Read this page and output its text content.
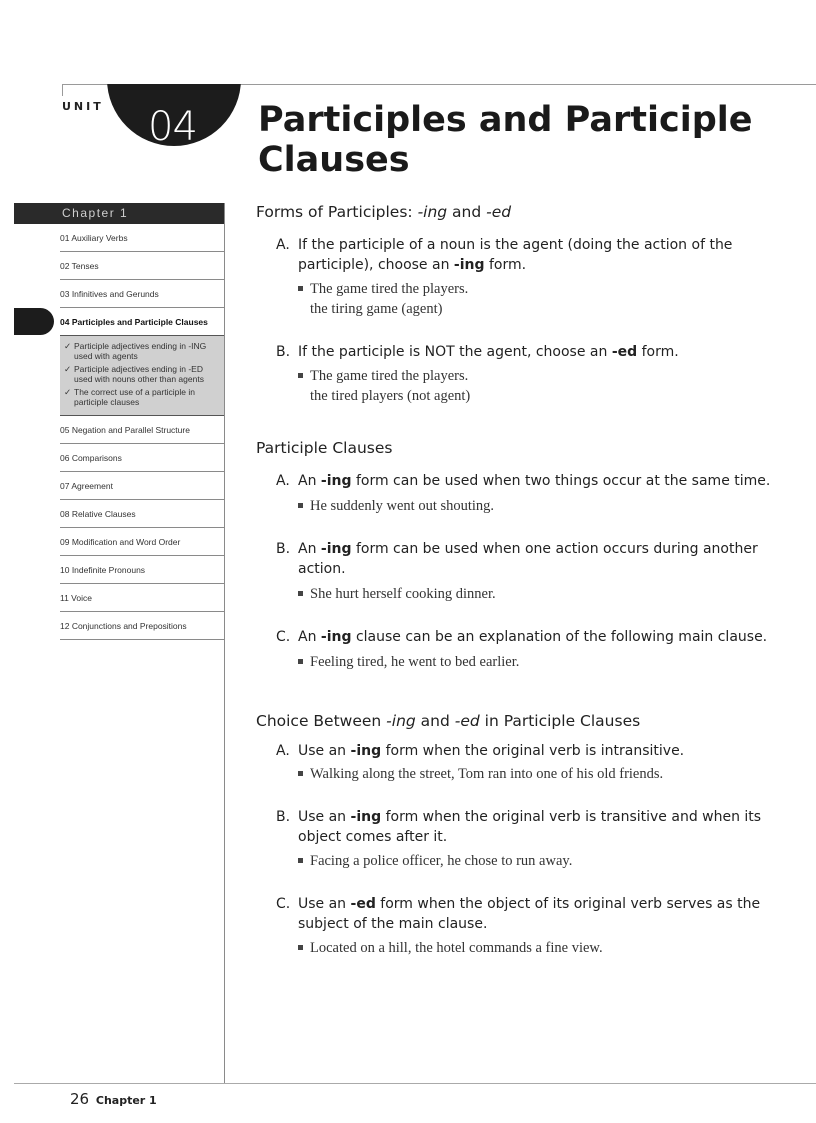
UNIT 04 Participles and Participle Clauses
Chapter 1
01 Auxiliary Verbs
02 Tenses
03 Infinitives and Gerunds
04 Participles and Participle Clauses
✓ Participle adjectives ending in -ING used with agents
✓ Participle adjectives ending in -ED used with nouns other than agents
✓ The correct use of a participle in participle clauses
05 Negation and Parallel Structure
06 Comparisons
07 Agreement
08 Relative Clauses
09 Modification and Word Order
10 Indefinite Pronouns
11 Voice
12 Conjunctions and Prepositions
Forms of Participles: -ing and -ed
A. If the participle of a noun is the agent (doing the action of the participle), choose an -ing form.
The game tired the players.
the tiring game (agent)
B. If the participle is NOT the agent, choose an -ed form.
The game tired the players.
the tired players (not agent)
Participle Clauses
A. An -ing form can be used when two things occur at the same time.
He suddenly went out shouting.
B. An -ing form can be used when one action occurs during another action.
She hurt herself cooking dinner.
C. An -ing clause can be an explanation of the following main clause.
Feeling tired, he went to bed earlier.
Choice Between -ing and -ed in Participle Clauses
A. Use an -ing form when the original verb is intransitive.
Walking along the street, Tom ran into one of his old friends.
B. Use an -ing form when the original verb is transitive and when its object comes after it.
Facing a police officer, he chose to run away.
C. Use an -ed form when the object of its original verb serves as the subject of the main clause.
Located on a hill, the hotel commands a fine view.
26 Chapter 1
